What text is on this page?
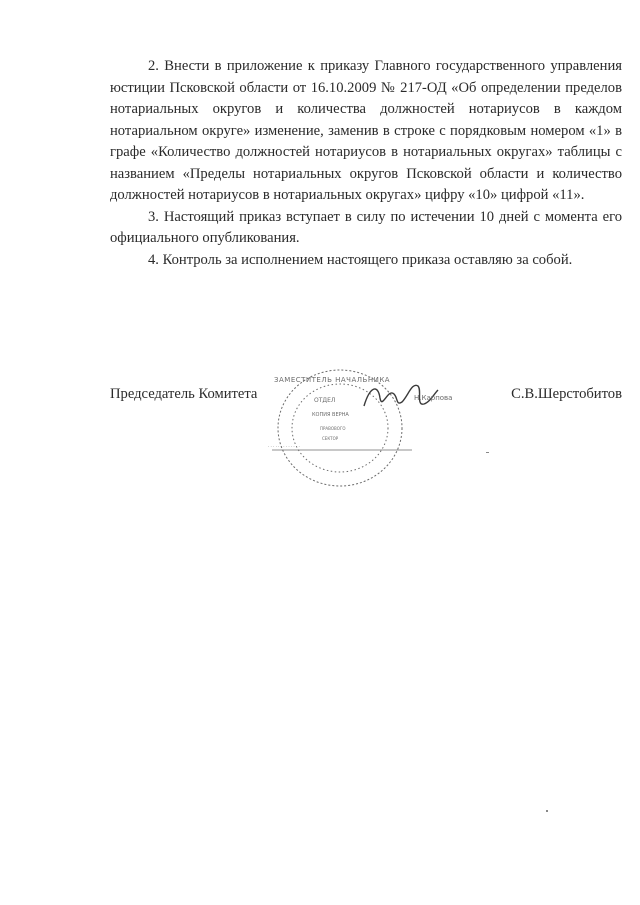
2. Внести в приложение к приказу Главного государственного управления юстиции Псковской области от 16.10.2009 № 217-ОД «Об определении пределов нотариальных округов и количества должностей нотариусов в каждом нотариальном округе» изменение, заменив в строке с порядковым номером «1» в графе «Количество должностей нотариусов в нотариальных округах» таблицы с названием «Пределы нотариальных округов Псковской области и количество должностей нотариусов в нотариальных округах» цифру «10» цифрой «11».

3. Настоящий приказ вступает в силу по истечении 10 дней с момента его официального опубликования.

4. Контроль за исполнением настоящего приказа оставляю за собой.

ЗАМЕСТИТЕЛЬ НАЧАЛЬНИКА
ОТДЕЛ
КОПИЯ ВЕРНА
ПРАВОВОГО
СЕКТОР
· · · · · · · · · · · · ·
Н.Карпова
Председатель Комитета	С.В.Шерстобитов
